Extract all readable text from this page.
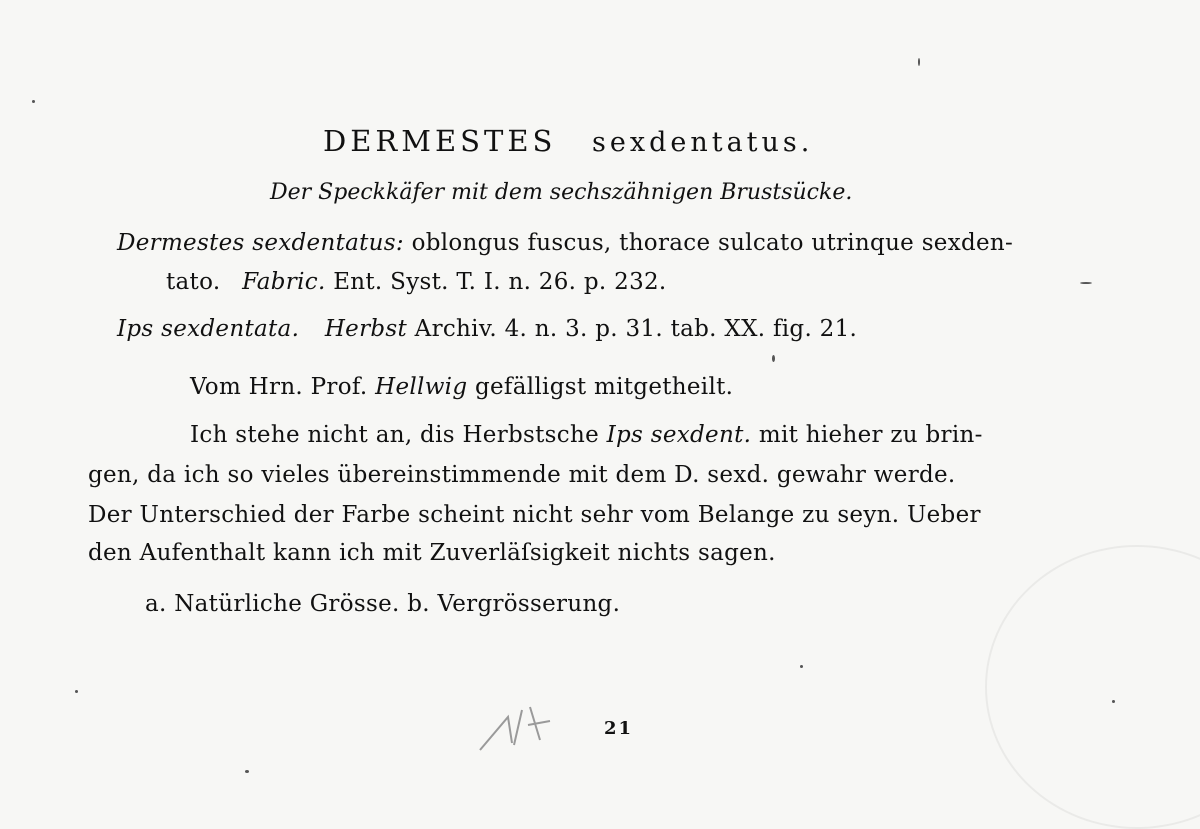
DERMESTES sexdentatus.
Der Speckkäfer mit dem sechszähnigen Brustsücke.
Dermestes sexdentatus: oblongus fuscus, thorace sulcato utrinque sexden-
tato. Fabric. Ent. Syst. T. I. n. 26. p. 232.
Ips sexdentata. Herbst Archiv. 4. n. 3. p. 31. tab. XX. fig. 21.
Vom Hrn. Prof. Hellwig gefälligst mitgetheilt.
Ich stehe nicht an, dis Herbstsche Ips sexdent. mit hieher zu brin-
gen, da ich so vieles übereinstimmende mit dem D. sexd. gewahr werde.
Der Unterschied der Farbe scheint nicht sehr vom Belange zu seyn. Ueber
den Aufenthalt kann ich mit Zuverläſsigkeit nichts sagen.
a. Natürliche Grösse. b. Vergrösserung.
21
